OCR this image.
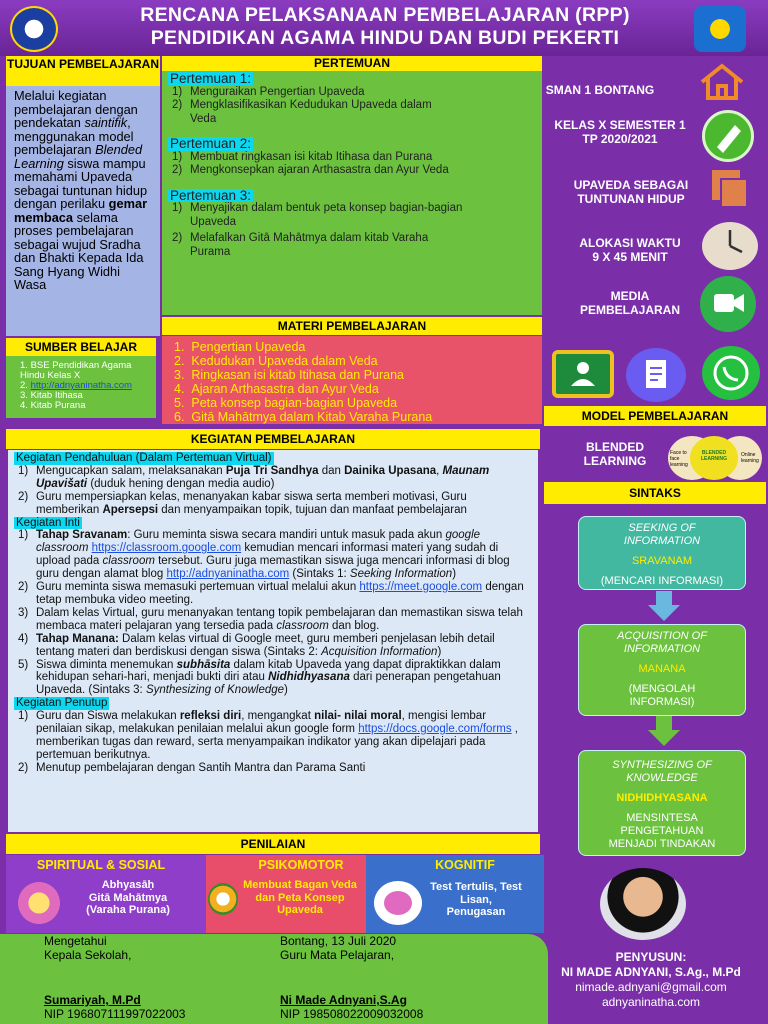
RENCANA PELAKSANAAN PEMBELAJARAN (RPP)
PENDIDIKAN AGAMA HINDU DAN BUDI PEKERTI
TUJUAN PEMBELAJARAN
Melalui kegiatan pembelajaran dengan pendekatan saintifik, menggunakan model pembelajaran Blended Learning siswa mampu memahami Upaveda sebagai tuntunan hidup dengan perilaku gemar membaca selama proses pembelajaran sebagai wujud Sradha dan Bhakti Kepada Ida Sang Hyang Widhi Wasa
PERTEMUAN
Pertemuan 1:
1) Menguraikan Pengertian Upaveda
2) Mengklasifikasikan Kedudukan Upaveda dalam Veda
Pertemuan 2:
1) Membuat ringkasan isi kitab Itihasa dan Purana
2) Mengkonsepkan ajaran Arthasastra dan Ayur Veda
Pertemuan 3:
1) Menyajikan dalam bentuk peta konsep bagian-bagian Upaveda
2) Melafalkan Gitā Mahātmya dalam kitab Varaha Purama
SUMBER BELAJAR
1. BSE Pendidikan Agama Hindu Kelas X
2. http://adnyaninatha.com
3. Kitab Itihasa
4. Kitab Purana
MATERI PEMBELAJARAN
1.  Pengertian Upaveda
2.  Kedudukan Upaveda dalam Veda
3.  Ringkasan isi kitab Itihasa dan Purana
4.  Ajaran Arthasastra dan Ayur Veda
5.  Peta konsep bagian-bagian Upaveda
6.  Gitā Mahātmya dalam Kitab Varaha Purana
SMAN 1 BONTANG
KELAS X SEMESTER 1
TP 2020/2021
UPAVEDA SEBAGAI TUNTUNAN HIDUP
ALOKASI WAKTU
9 X 45 MENIT
MEDIA PEMBELAJARAN
MODEL PEMBELAJARAN
BLENDED LEARNING
Face to face learning
Online learning
BLENDED LEARNING
SINTAKS
SEEKING OF INFORMATION
SRAVANAM
(MENCARI INFORMASI)
ACQUISITION OF INFORMATION
MANANA
(MENGOLAH INFORMASI)
SYNTHESIZING OF KNOWLEDGE
NIDHIDHYASANA
MENSINTESA PENGETAHUAN MENJADI TINDAKAN
KEGIATAN PEMBELAJARAN
Kegiatan Pendahuluan (Dalam Pertemuan Virtual)
1) Mengucapkan salam, melaksanakan Puja Tri Sandhya dan Dainika Upasana, Maunam Upavišati (duduk hening dengan media audio)
2) Guru mempersiapkan kelas, menanyakan kabar siswa serta memberi motivasi, Guru memberikan Apersepsi dan menyampaikan topik, tujuan dan manfaat pembelajaran
Kegiatan Inti
1) Tahap Sravanam: Guru meminta siswa secara mandiri untuk masuk pada akun google classroom https://classroom.google.com kemudian mencari informasi materi yang sudah di upload pada classroom tersebut. Guru juga memastikan siswa juga mencari informasi di blog guru dengan alamat blog http://adnyaninatha.com (Sintaks 1: Seeking Information)
2) Guru meminta siswa memasuki pertemuan virtual melalui akun https://meet.google.com dengan tetap membuka video meeting.
3) Dalam kelas Virtual, guru menanyakan tentang topik pembelajaran dan memastikan siswa telah membaca materi pelajaran yang tersedia pada classroom dan blog.
4) Tahap Manana: Dalam kelas virtual di Google meet, guru memberi penjelasan lebih detail tentang materi dan berdiskusi dengan siswa (Sintaks 2: Acquisition Information)
5) Siswa diminta menemukan subhāsita dalam kitab Upaveda yang dapat dipraktikkan dalam kehidupan sehari-hari, menjadi bukti diri atau Nidhidhyasana dari penerapan pengetahuan Upaveda. (Sintaks 3: Synthesizing of Knowledge)
Kegiatan Penutup
1) Guru dan Siswa melakukan refleksi diri, mengangkat nilai- nilai moral, mengisi lembar penilaian sikap, melakukan penilaian melalui akun google form https://docs.google.com/forms , memberikan tugas dan reward, serta menyampaikan indikator yang akan dipelajari pada pertemuan berikutnya.
2) Menutup pembelajaran dengan Santih Mantra dan Parama Santi
PENILAIAN
SPIRITUAL & SOSIAL
Abhyasāḥ
Gitā Mahātmya
(Varaha Purana)
PSIKOMOTOR
Membuat Bagan Veda dan Peta Konsep Upaveda
KOGNITIF
Test Tertulis, Test Lisan, Penugasan
Mengetahui
Kepala Sekolah,
Bontang, 13 Juli 2020
Guru Mata Pelajaran,
Sumariyah, M.Pd
NIP 196807111997022003
Ni Made Adnyani,S.Ag
NIP 198508022009032008
PENYUSUN:
NI MADE ADNYANI, S.Ag., M.Pd
nimade.adnyani@gmail.com
adnyaninatha.com
